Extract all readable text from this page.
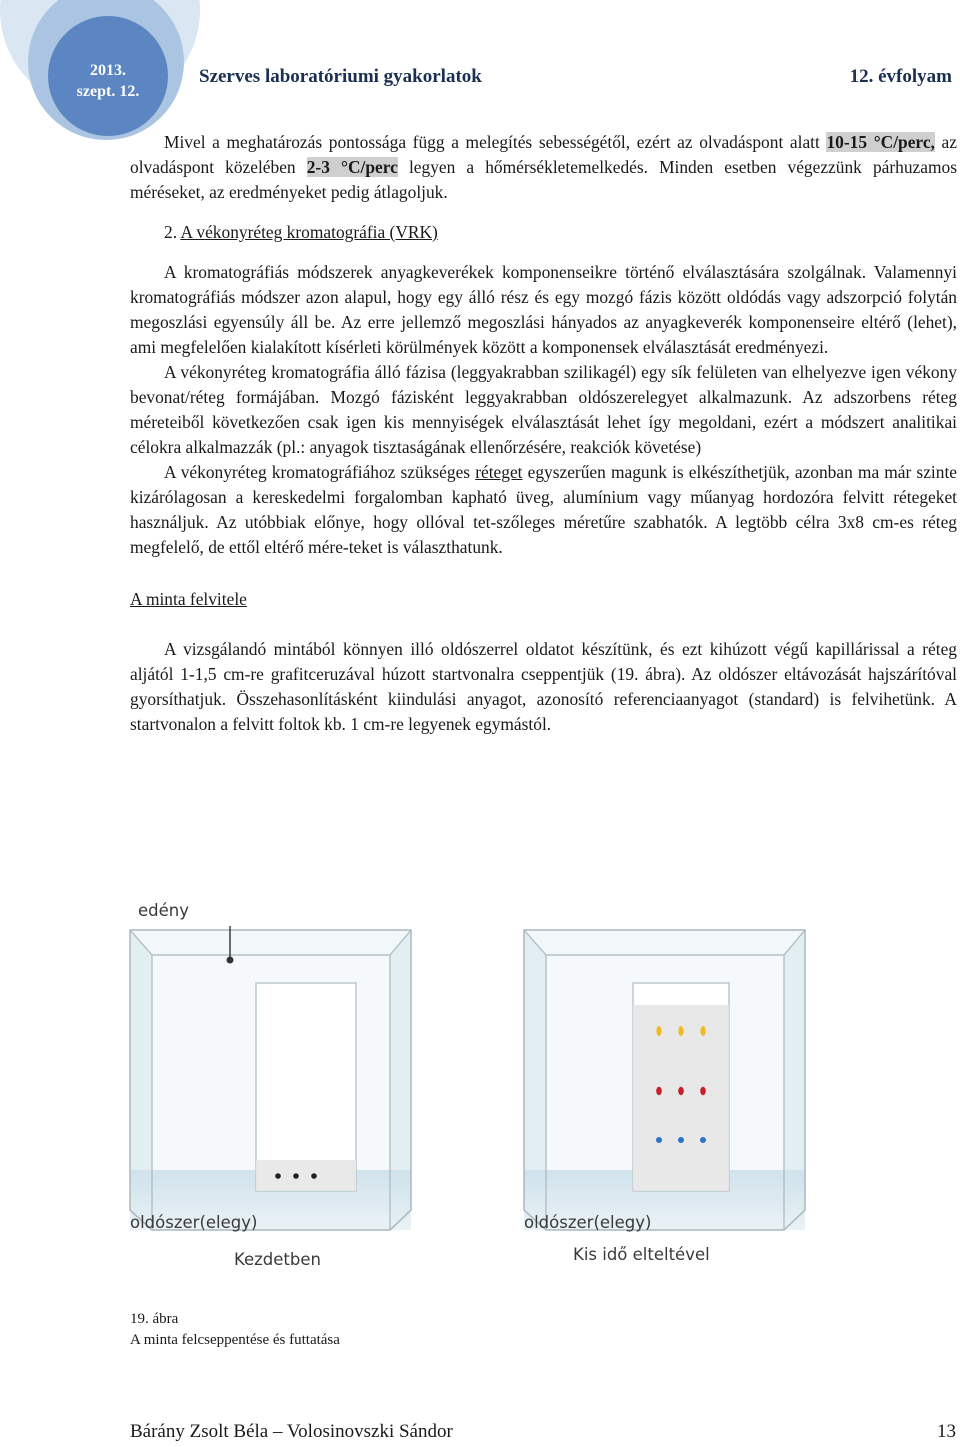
2013.
szept. 12.
Szerves laboratóriumi gyakorlatok	12. évfolyam

Mivel a meghatározás pontossága függ a melegítés sebességétől, ezért az olvadáspont alatt 10-15 °C/perc, az olvadáspont közelében 2-3 °C/perc legyen a hőmérsékletemelkedés. Minden esetben végezzünk párhuzamos méréseket, az eredményeket pedig átlagoljuk.

2. A vékonyréteg kromatográfia (VRK)

A kromatográfiás módszerek anyagkeverékek komponenseikre történő elválasztására szolgálnak. Valamennyi kromatográfiás módszer azon alapul, hogy egy álló rész és egy mozgó fázis között oldódás vagy adszorpció folytán megoszlási egyensúly áll be. Az erre jellemző megoszlási hányados az anyagkeverék komponenseire eltérő (lehet), ami megfelelően kialakított kísérleti körülmények között a komponensek elválasztását eredményezi.

A vékonyréteg kromatográfia álló fázisa (leggyakrabban szilikagél) egy sík felületen van elhelyezve igen vékony bevonat/réteg formájában. Mozgó fázisként leggyakrabban oldószerelegyet alkalmazunk. Az adszorbens réteg méreteiből következően csak igen kis mennyiségek elválasztását lehet így megoldani, ezért a módszert analitikai célokra alkalmazzák (pl.: anyagok tisztaságának ellenőrzésére, reakciók követése)

A vékonyréteg kromatográfiához szükséges réteget egyszerűen magunk is elkészíthetjük, azonban ma már szinte kizárólagosan a kereskedelmi forgalomban kapható üveg, alumínium vagy műanyag hordozóra felvitt rétegeket használjuk. Az utóbbiak előnye, hogy ollóval tet-szőleges méretűre szabhatók. A legtöbb célra 3x8 cm-es réteg megfelelő, de ettől eltérő mére-teket is választhatunk.

A minta felvitele

A vizsgálandó mintából könnyen illó oldószerrel oldatot készítünk, és ezt kihúzott végű kapillárissal a réteg aljától 1-1,5 cm-re grafitceruzával húzott startvonalra cseppentjük (19. ábra). Az oldószer eltávozását hajszárítóval gyorsíthatjuk. Összehasonlításként kiindulási anyagot, azonosító referenciaanyagot (standard) is felvihetünk. A startvonalon a felvitt foltok kb. 1 cm-re legyenek egymástól.

edény
oldószer(elegy)
Kezdetben
oldószer(elegy)
Kis idő elteltével
19. ábra
A minta felcseppentése és futtatása
Bárány Zsolt Béla – Volosinovszki Sándor	13
